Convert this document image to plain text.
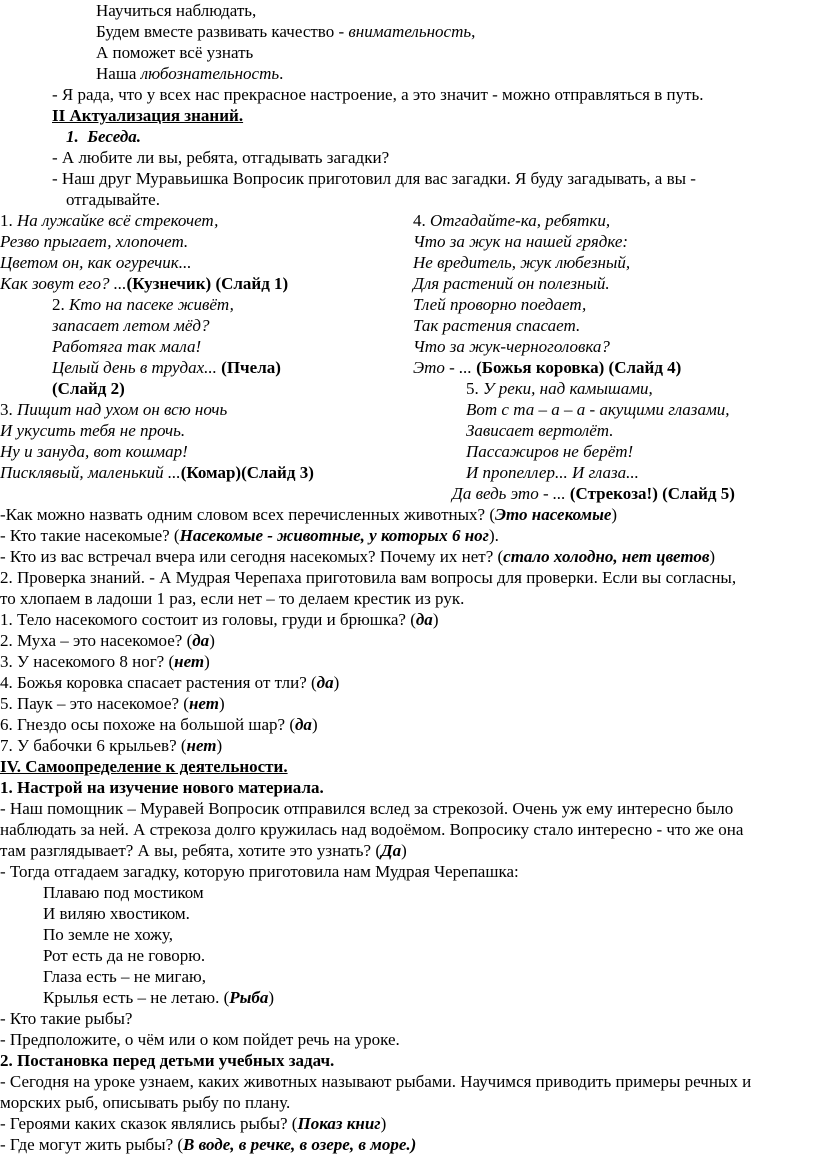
Научиться наблюдать,
Будем вместе развивать качество - внимательность,
А поможет всё узнать
Наша любознательность.
- Я рада, что у всех нас прекрасное настроение, а это значит - можно отправляться в путь.
II Актуализация знаний.
1. Беседа.
- А любите ли вы, ребята, отгадывать загадки?
- Наш друг Муравьишка Вопросик приготовил для вас загадки. Я буду загадывать, а вы -
отгадывайте.
1. На лужайке всё стрекочет,
Резво прыгает, хлопочет.
Цветом он, как огуречик...
Как зовут его? ...(Кузнечик) (Слайд 1)
2. Кто на пасеке живёт,
запасает летом мёд?
Работяга так мала!
Целый день в трудах... (Пчела)
(Слайд 2)
3. Пищит над ухом он всю ночь
И укусить тебя не прочь.
Ну и зануда, вот кошмар!
Писклявый, маленький ...(Комар)(Слайд 3)
4. Отгадайте-ка, ребятки,
Что за жук на нашей грядке:
Не вредитель, жук любезный,
Для растений он полезный.
Тлей проворно поедает,
Так растения спасает.
Что за жук-черноголовка?
Это - ... (Божья коровка) (Слайд 4)
5. У реки, над камышами,
Вот с та – а – а - акущими глазами,
Зависает вертолёт.
Пассажиров не берёт!
И пропеллер... И глаза...
Да ведь это - ... (Стрекоза!) (Слайд 5)
-Как можно назвать одним словом всех перечисленных животных? (Это насекомые)
- Кто такие насекомые? (Насекомые - животные, у которых 6 ног).
- Кто из вас встречал вчера или сегодня насекомых? Почему их нет? (стало холодно, нет цветов)
2. Проверка знаний. - А Мудрая Черепаха приготовила вам вопросы для проверки. Если вы согласны,
то хлопаем в ладоши 1 раз, если нет – то делаем крестик из рук.
1. Тело насекомого состоит из головы, груди и брюшка? (да)
2. Муха – это насекомое? (да)
3. У насекомого 8 ног? (нет)
4. Божья коровка спасает растения от тли? (да)
5. Паук – это насекомое? (нет)
6. Гнездо осы похоже на большой шар? (да)
7. У бабочки 6 крыльев? (нет)
IV. Самоопределение к деятельности.
1. Настрой на изучение нового материала.
- Наш помощник – Муравей Вопросик отправился вслед за стрекозой. Очень уж ему интересно было
наблюдать за ней. А стрекоза долго кружилась над водоёмом. Вопросику стало интересно - что же она
там разглядывает? А вы, ребята, хотите это узнать? (Да)
- Тогда отгадаем загадку, которую приготовила нам Мудрая Черепашка:
Плаваю под мостиком
И виляю хвостиком.
По земле не хожу,
Рот есть да не говорю.
Глаза есть – не мигаю,
Крылья есть – не летаю. (Рыба)
- Кто такие рыбы?
- Предположите, о чём или о ком пойдет речь на уроке.
2. Постановка перед детьми учебных задач.
- Сегодня на уроке узнаем, каких животных называют рыбами. Научимся приводить примеры речных и
морских рыб, описывать рыбу по плану.
- Героями каких сказок являлись рыбы? (Показ книг)
- Где могут жить рыбы? (В воде, в речке, в озере, в море.)
